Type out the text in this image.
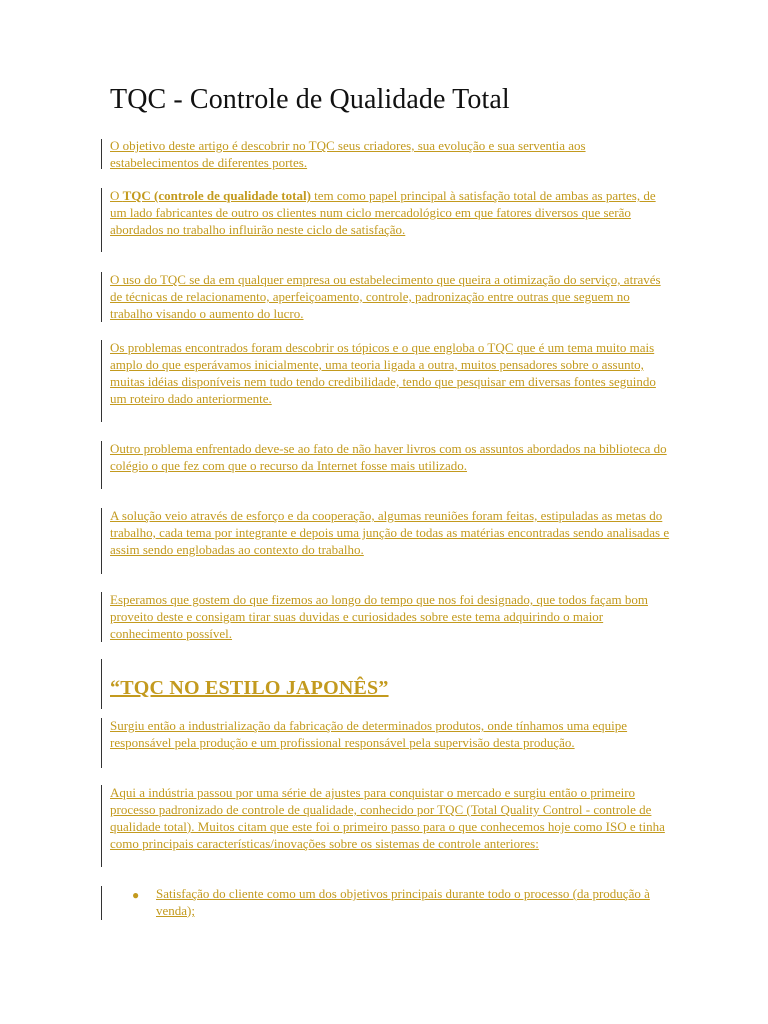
TQC - Controle de Qualidade Total

O objetivo deste artigo é descobrir no TQC seus criadores, sua evolução e sua serventia aos estabelecimentos de diferentes portes.

O TQC (controle de qualidade total) tem como papel principal à satisfação total de ambas as partes, de um lado fabricantes de outro os clientes num ciclo mercadológico em que fatores diversos que serão abordados no trabalho influirão neste ciclo de satisfação.

O uso do TQC se da em qualquer empresa ou estabelecimento que queira a otimização do serviço, através de técnicas de relacionamento, aperfeiçoamento, controle, padronização entre outras que seguem no trabalho visando o aumento do lucro.

Os problemas encontrados foram descobrir os tópicos e o que engloba o TQC que é um tema muito mais amplo do que esperávamos inicialmente, uma teoria ligada a outra, muitos pensadores sobre o assunto, muitas idéias disponíveis nem tudo tendo credibilidade, tendo que pesquisar em diversas fontes seguindo um roteiro dado anteriormente.

Outro problema enfrentado deve-se ao fato de não haver livros com os assuntos abordados na biblioteca do colégio o que fez com que o recurso da Internet fosse mais utilizado.

A solução veio através de esforço e da cooperação, algumas reuniões foram feitas, estipuladas as metas do trabalho, cada tema por integrante e depois uma junção de todas as matérias encontradas sendo analisadas e assim sendo englobadas ao contexto do trabalho.

Esperamos que gostem do que fizemos ao longo do tempo que nos foi designado, que todos façam bom proveito deste e consigam tirar suas duvidas e curiosidades sobre este tema adquirindo o maior conhecimento possível.

“TQC NO ESTILO JAPONÊS”

Surgiu então a industrialização da fabricação de determinados produtos, onde tínhamos uma equipe responsável pela produção e um profissional responsável pela supervisão desta produção.

Aqui a indústria passou por uma série de ajustes para conquistar o mercado e surgiu então o primeiro processo padronizado de controle de qualidade, conhecido por TQC (Total Quality Control - controle de qualidade total). Muitos citam que este foi o primeiro passo para o que conhecemos hoje como ISO e tinha como principais características/inovações sobre os sistemas de controle anteriores:

● Satisfação do cliente como um dos objetivos principais durante todo o processo (da produção à venda);
